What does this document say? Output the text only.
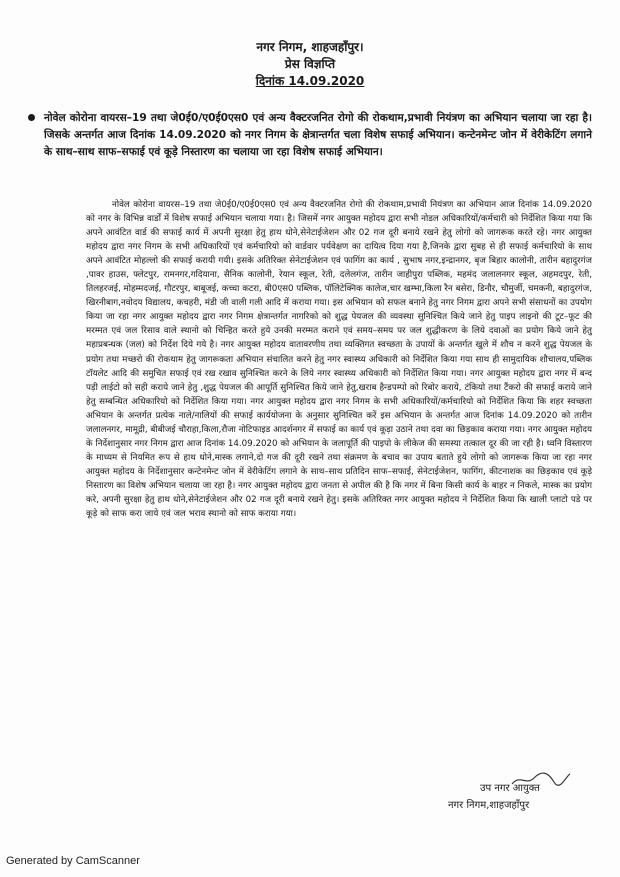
नगर निगम, शाहजहाँपुर।
प्रेस विज्ञप्ति
दिनांक 14.09.2020
नोवेल कोरोना वायरस–19 तथा जे0ई0/ए0ई0एस0 एवं अन्य वैक्टरजनित रोगो की रोकथाम,प्रभावी नियंत्रण का अभियान चलाया जा रहा है। जिसके अन्तर्गत आज दिनांक 14.09.2020 को नगर निगम के क्षेत्रान्तर्गत चला विशेष सफाई अभियान। कन्टेनमेन्ट जोन में वेरीकेटिंग लगाने के साथ–साथ साफ–सफाई एवं कूड़े निस्तारण का चलाया जा रहा विशेष सफाई अभियान।

नोवेल कोरोना वायरस–19 तथा जे0ई0/ए0ई0एस0 एवं अन्य वैक्टरजनित रोगो की रोकथाम,प्रभावी नियंत्रण का अभियान आज दिनांक 14.09.2020 को नगर के विभिन्न वार्डों में विशेष सफाई अभियान चलाया गया। है। जिसमें नगर आयुक्त महोदय द्वारा सभी नोडल अधिकारियों/कर्मचारी को निर्देशित किया गया कि अपने आवंटित वार्ड की सफाई कार्य में अपनी सुरक्षा हेतु हाथ धोने,सेनेटाईजेशन और 02 गज दूरी बनाये रखने हेतु लोगो को जागरूक करते रहे। नगर आयुक्त महोदय द्वारा नगर निगम के सभी अधिकारियों एवं कर्मचारियो को वार्डवार पर्यवेक्षण का दायित्व दिया गया है,जिनके द्वारा सुबह से ही सफाई कर्मचारियो के साथ अपने आवंटित मोहल्लो की सफाई करायी गयी। इसके अतिरिक्त सेनेटाईजेशन एवं फागिंग का कार्य , सुभाष नगर,इन्द्रानगर, बृज बिहार कालोनी, तारीन बहादुरगंज ,पावर हाउस, फ्लेटपुर, रामनगर,गदियाना, सैनिक कालोनी, रेयान स्कूल, रेती, दलेलगंज, तारीन जाहीपुरा पब्लिक, महमंद जलालनगर स्कूल, अहमदपुर, रेती, तिलहरजई, मोहम्मदजई, गौटरपुर, बाबूजई, कच्चा कटरा, बी0एस0 पब्लिक, पॉलिटेक्निक कालेज,चार खम्भा,किला रैन बसेरा, डिनौर, चौमुर्जी, चमकनी, बहादुरगंज, खिरनीबाग,नवोदय विद्यालय, कचहरी, मंडी जी वाली गली आदि में कराया गया। इस अभियान को सफल बनाने हेतु नगर निगम द्वारा अपने सभी संसाधनों का उपयोग किया जा रहा नगर आयुक्त महोदय द्वारा नगर निगम क्षेत्रान्तर्गत नागरिको को शुद्ध पेयजल की व्यवस्था सुनिश्चित किये जाने हेतु पाइप लाइनो की टूट–फूट की मरम्मत एवं जल रिसाव वाले स्थानो को चिन्हित करते हुये उनकी मरम्मत कराने एवं समय–समय पर जल शुद्धीकरण के लिये दवाओं का प्रयोग किये जाने हेतु महाप्रबन्धक (जल) को निर्देश दिये गये है। नगर आयुक्त महोदय वातावरणीय तथा व्यक्तिगत स्वच्छता के उपायों के अन्तर्गत खुले में शौच न करने शुद्ध पेयजल के प्रयोग तथा मच्छरो की रोकथाम हेतु जागरूकता अभियान संचालित करने हेतु नगर स्वास्थ्य अधिकारी को निर्देशित किया गया साथ ही सामुदायिक शौचालय,पब्लिक टॉयलेट आदि की समुचित सफाई एवं रख रखाव सुनिश्चित करने के लिये नगर स्वास्थ्य अधिकारी को निर्देशित किया गया। नगर आयुक्त महोदय द्वारा नगर में बन्द पड़ी लाईटो को सही कराये जाने हेतु ,शुद्ध पेयजल की आपूर्ति सुनिश्चित किये जाने हेतु,खराब हैन्डपम्पो को रिबोर कराये, टंकियो तथा टैंकरो की सफाई कराये जाने हेतु सम्बन्धित अधिकारियो को निर्देशित किया गया। नगर आयुक्त महोदय द्वारा नगर निगम के सभी अधिकारियों/कर्मचारियो को निर्देशित किया कि शहर स्वच्छता अभियान के अन्तर्गत प्रत्येक नाले/नालियों की सफाई कार्ययोजना के अनुसार सुनिश्चित करें इस अभियान के अन्तर्गत आज दिनांक 14.09.2020 को तारीन जलालनगर, मामूद्री, बीबीजई चौराहा,किला,रौजा नोटिफाइड आदर्शनगर में सफाई का कार्य एवं कूड़ा उठाने तथा दवा का छिड़काव कराया गया। नगर आयुक्त महोदय के निर्देशानुसार नगर निगम द्वारा आज दिनांक 14.09.2020 को अभियान के जलापूर्ति की पाइपो के लीकेज की समस्या तत्काल दूर की जा रही है। ध्वनि विस्तारण के माध्यम से नियमित रूप से हाथ धोने,मास्क लगाने,दो गज की दूरी रखने तथा संक्रमण के बचाव का उपाय बताते हुये लोगो को जागरूक किया जा रहा नगर आयुक्त महोदय के निर्देशानुसार कन्टेनमेन्ट जोन में वेरीकेटिंग लगाने के साथ–साथ प्रतिदिन साफ–सफाई, सेनेटाईजेशन, फागिंग, कीटनाशक का छिड़काव एवं कूड़े निस्तारण का विशेष अभियान चलाया जा रहा है। नगर आयुक्त महोदय द्वारा जनता से अपील की है कि नगर में बिना किसी कार्य के बाहर न निकले, मास्क का प्रयोग करे, अपनी सुरक्षा हेतु हाथ धोने,सेनेटाईजेशन और 02 गज दूरी बनाये रखने हेतु। इसके अतिरिक्त नगर आयुक्त महोदय ने निर्देशित किया कि खाली प्लाटो पडे पर कूड़े को साफ करा जाये एवं जल भराव स्थानो को साफ कराया गया।

उप नगर आयुक्त
नगर निगम,शाहजहाँपुर
Generated by CamScanner
